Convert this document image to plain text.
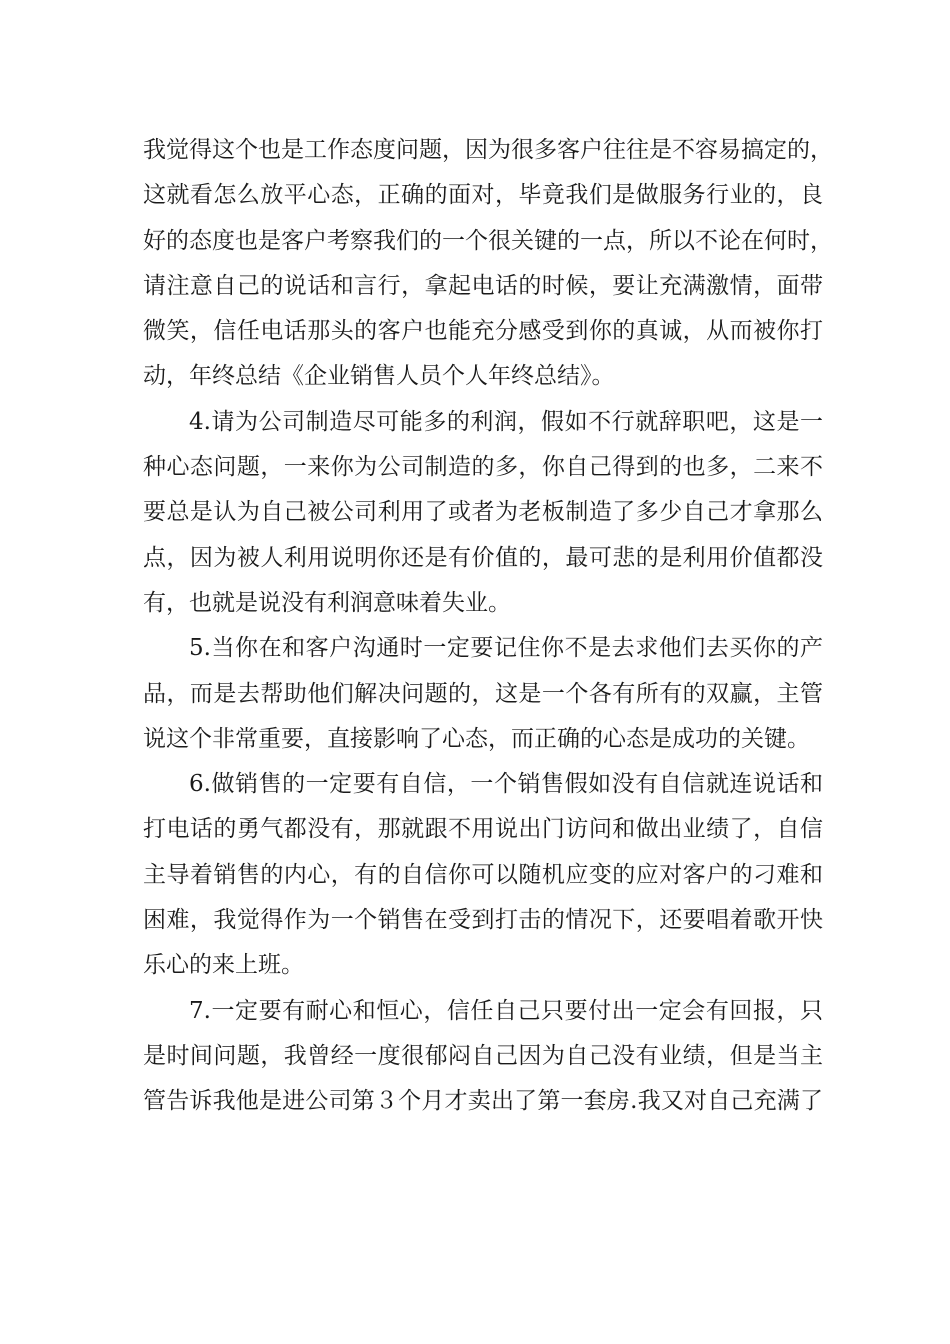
我觉得这个也是工作态度问题，因为很多客户往往是不容易搞定的，
这就看怎么放平心态，正确的面对，毕竟我们是做服务行业的，良
好的态度也是客户考察我们的一个很关键的一点，所以不论在何时，
请注意自己的说话和言行，拿起电话的时候，要让充满激情，面带
微笑，信任电话那头的客户也能充分感受到你的真诚，从而被你打
动，年终总结《企业销售人员个人年终总结》。
4.请为公司制造尽可能多的利润，假如不行就辞职吧，这是一
种心态问题，一来你为公司制造的多，你自己得到的也多，二来不
要总是认为自己被公司利用了或者为老板制造了多少自己才拿那么
点，因为被人利用说明你还是有价值的，最可悲的是利用价值都没
有，也就是说没有利润意味着失业。
5.当你在和客户沟通时一定要记住你不是去求他们去买你的产
品，而是去帮助他们解决问题的，这是一个各有所有的双赢，主管
说这个非常重要，直接影响了心态，而正确的心态是成功的关键。
6.做销售的一定要有自信，一个销售假如没有自信就连说话和
打电话的勇气都没有，那就跟不用说出门访问和做出业绩了，自信
主导着销售的内心，有的自信你可以随机应变的应对客户的刁难和
困难，我觉得作为一个销售在受到打击的情况下，还要唱着歌开快
乐心的来上班。
7.一定要有耐心和恒心，信任自己只要付出一定会有回报，只
是时间问题，我曾经一度很郁闷自己因为自己没有业绩，但是当主
管告诉我他是进公司第３个月才卖出了第一套房.我又对自己充满了
